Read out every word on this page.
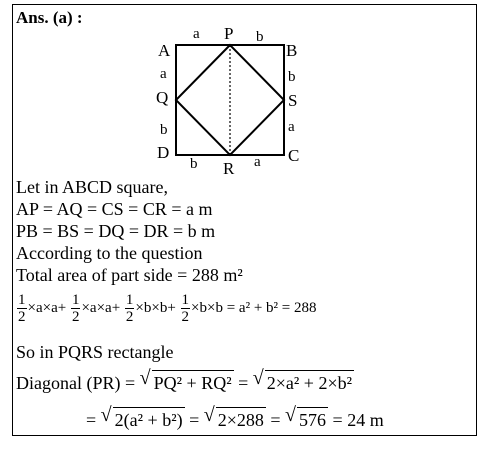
Ans. (a) :
A	B
C
D
P
Q
R
S
a	b
a
b
b
a
b	a
Let in ABCD square,
AP = AQ = CS = CR = a m
PB = BS = DQ = DR = b m
According to the question
Total area of part side = 288 m²
$\frac{1}{2} \times a\times a+ \frac{1}{2} \times a\times a+ \frac{1}{2} \times b\times b+ \frac{1}{2} \times b\times b = a^2 + b^2 = 288$
So in PQRS rectangle
Diagonal (PR) = √ PQ² + RQ² = √ 2×a² + 2×b²
= √ 2(a² + b²) = √ 2×288 = √ 576 = 24 m
